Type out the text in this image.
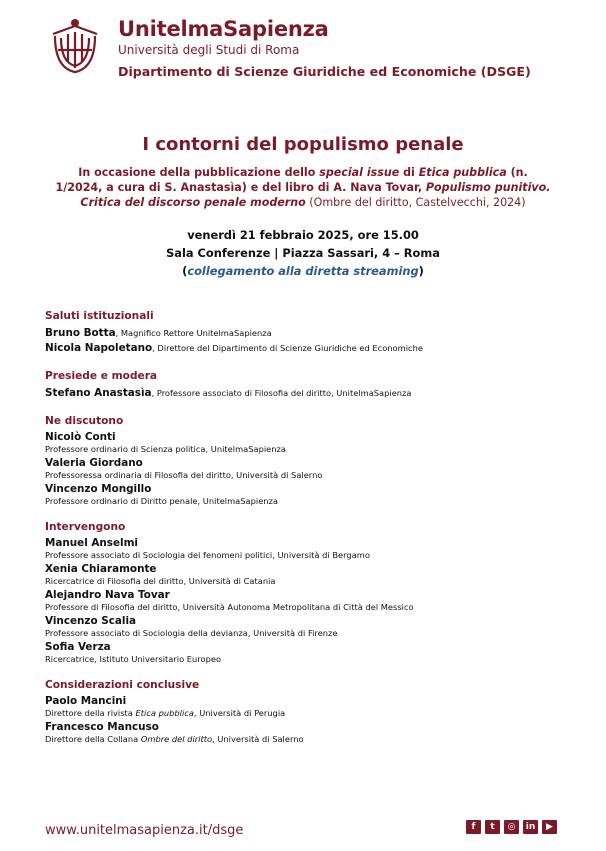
UnitelmaSapienza
Università degli Studi di Roma
Dipartimento di Scienze Giuridiche ed Economiche (DSGE)
I contorni del populismo penale
In occasione della pubblicazione dello special issue di Etica pubblica (n. 1/2024, a cura di S. Anastasìa) e del libro di A. Nava Tovar, Populismo punitivo. Critica del discorso penale moderno (Ombre del diritto, Castelvecchi, 2024)
venerdì 21 febbraio 2025, ore 15.00
Sala Conferenze | Piazza Sassari, 4 – Roma
(collegamento alla diretta streaming)
Saluti istituzionali
Bruno Botta, Magnifico Rettore UnitelmaSapienza
Nicola Napoletano, Direttore del Dipartimento di Scienze Giuridiche ed Economiche
Presiede e modera
Stefano Anastasìa, Professore associato di Filosofia del diritto, UnitelmaSapienza
Ne discutono
Nicolò Conti
Professore ordinario di Scienza politica, UnitelmaSapienza
Valeria Giordano
Professoressa ordinaria di Filosofia del diritto, Università di Salerno
Vincenzo Mongillo
Professore ordinario di Diritto penale, UnitelmaSapienza
Intervengono
Manuel Anselmi
Professore associato di Sociologia dei fenomeni politici, Università di Bergamo
Xenia Chiaramonte
Ricercatrice di Filosofia del diritto, Università di Catania
Alejandro Nava Tovar
Professore di Filosofia del diritto, Università Autonoma Metropolitana di Città del Messico
Vincenzo Scalia
Professore associato di Sociologia della devianza, Università di Firenze
Sofia Verza
Ricercatrice, Istituto Universitario Europeo
Considerazioni conclusive
Paolo Mancini
Direttore della rivista Etica pubblica, Università di Perugia
Francesco Mancuso
Direttore della Collana Ombre del diritto, Università di Salerno
www.unitelmasapienza.it/dsge	f	t	◎	in	▶
